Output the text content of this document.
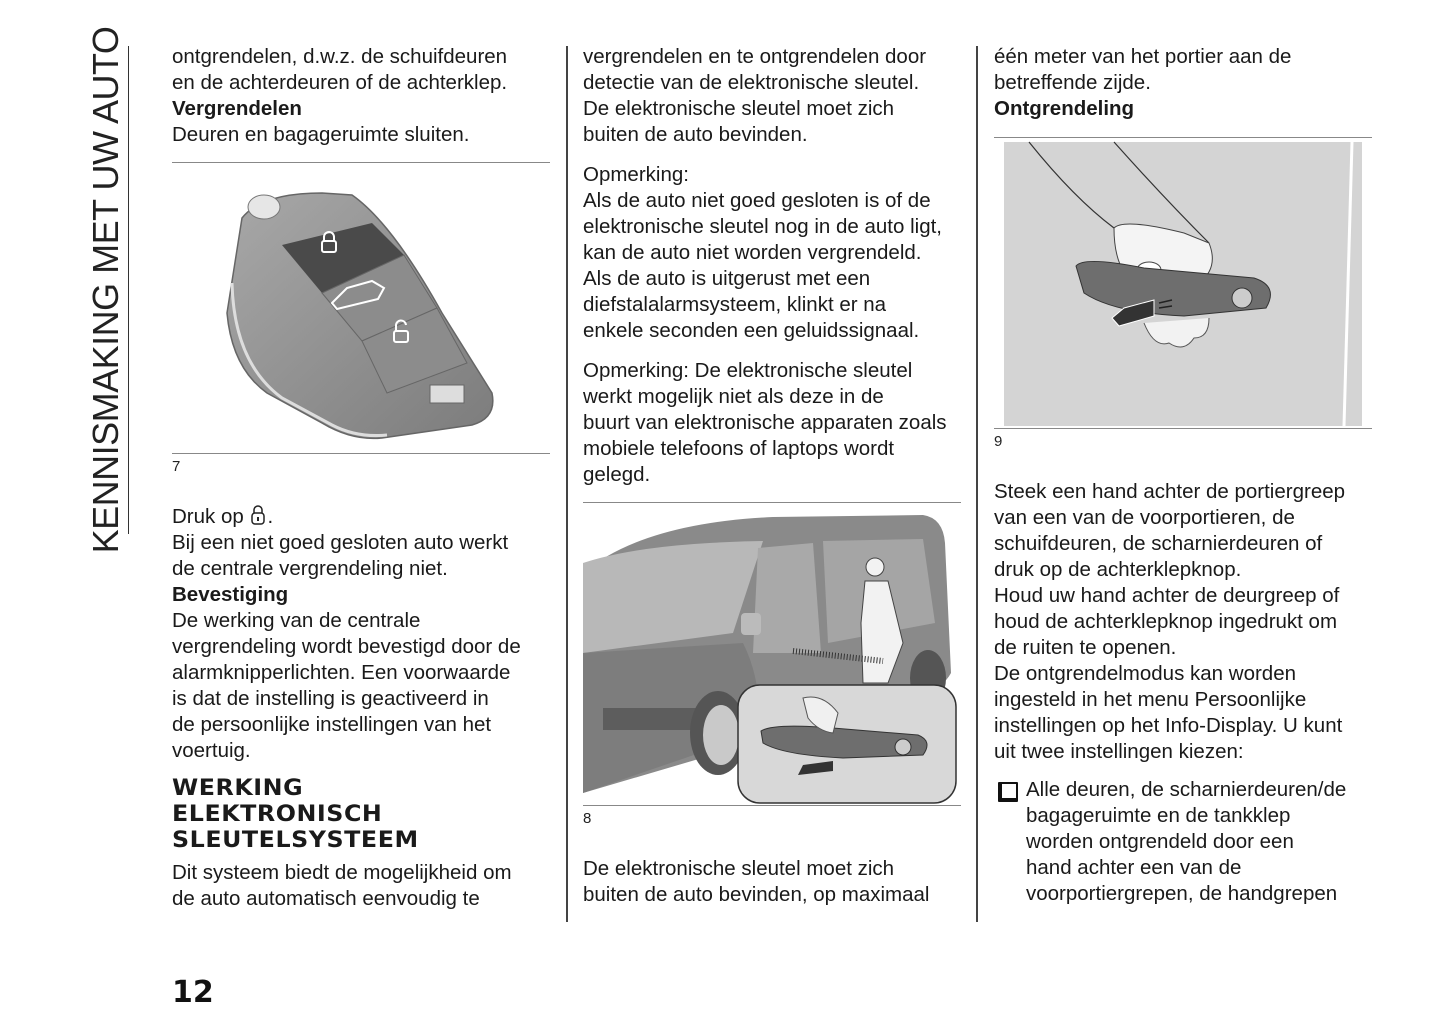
KENNISMAKING MET UW AUTO ontgrendelen, d.w.z. de schuifdeuren

en de achterdeuren of de achterklep.

Vergrendelen

Deuren en bagageruimte sluiten.

7

Druk op .

Bij een niet goed gesloten auto werkt

de centrale vergrendeling niet.

Bevestiging

De werking van de centrale

vergrendeling wordt bevestigd door de

alarmknipperlichten. Een voorwaarde

is dat de instelling is geactiveerd in

de persoonlijke instellingen van het

voertuig.

WERKING
ELEKTRONISCH
SLEUTELSYSTEEM

Dit systeem biedt de mogelijkheid om

de auto automatisch eenvoudig te

vergrendelen en te ontgrendelen door

detectie van de elektronische sleutel.

De elektronische sleutel moet zich

buiten de auto bevinden.

Opmerking:

Als de auto niet goed gesloten is of de

elektronische sleutel nog in de auto ligt,

kan de auto niet worden vergrendeld.

Als de auto is uitgerust met een

diefstalalarmsysteem, klinkt er na

enkele seconden een geluidssignaal.

Opmerking: De elektronische sleutel

werkt mogelijk niet als deze in de

buurt van elektronische apparaten zoals

mobiele telefoons of laptops wordt

gelegd.

8

De elektronische sleutel moet zich

buiten de auto bevinden, op maximaal

één meter van het portier aan de

betreffende zijde.

Ontgrendeling

9

Steek een hand achter de portiergreep

van een van de voorportieren, de

schuifdeuren, de scharnierdeuren of

druk op de achterklepknop.

Houd uw hand achter de deurgreep of

houd de achterklepknop ingedrukt om

de ruiten te openen.

De ontgrendelmodus kan worden

ingesteld in het menu Persoonlijke

instellingen op het Info-Display. U kunt

uit twee instellingen kiezen:

Alle deuren, de scharnierdeuren/de

bagageruimte en de tankklep

worden ontgrendeld door een

hand achter een van de

voorportiergrepen, de handgrepen

12
